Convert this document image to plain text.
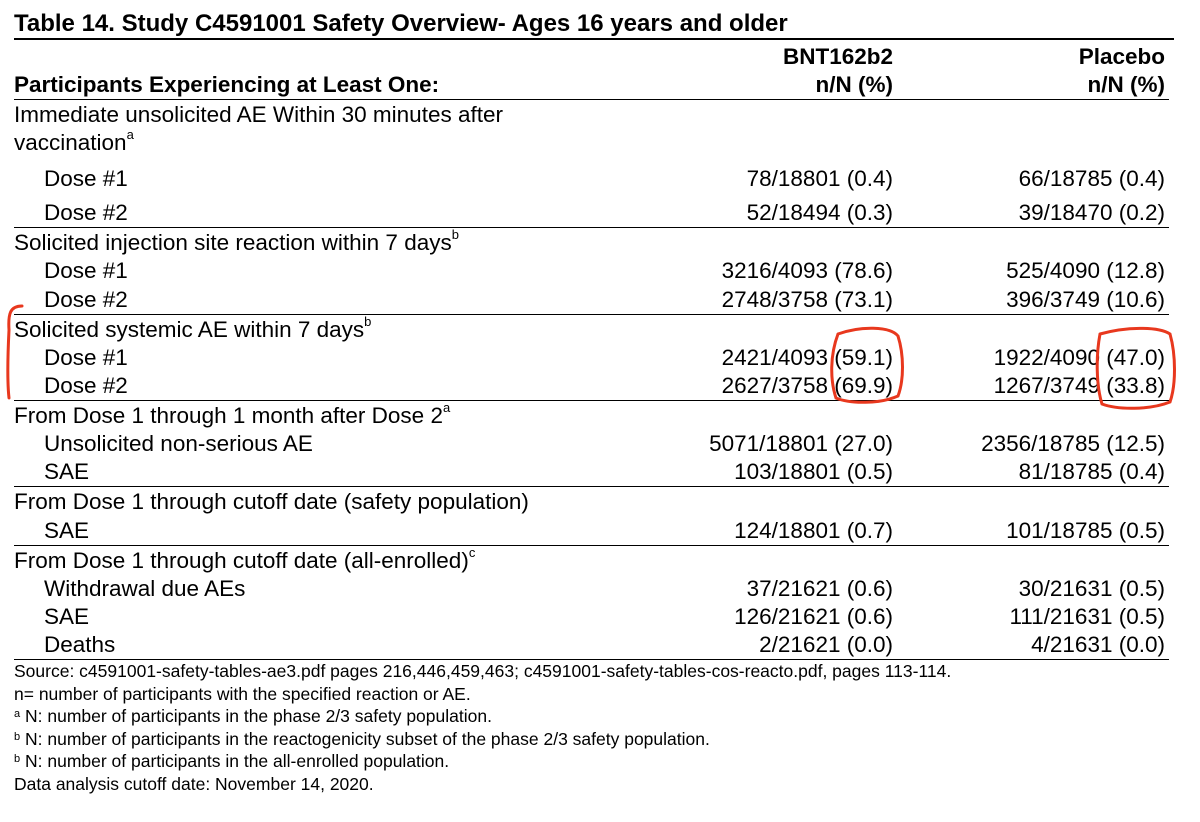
Table 14. Study C4591001 Safety Overview- Ages 16 years and older
BNT162b2	Placebo
Participants Experiencing at Least One:	n/N (%)	n/N (%)
Immediate unsolicited AE Within 30 minutes after
vaccination$^a$
Dose #1	78/18801 (0.4)	66/18785 (0.4)
Dose #2	52/18494 (0.3)	39/18470 (0.2)
Solicited injection site reaction within 7 days$^b$
Dose #1	3216/4093 (78.6)	525/4090 (12.8)
Dose #2	2748/3758 (73.1)	396/3749 (10.6)
Solicited systemic AE within 7 days$^b$
Dose #1	2421/4093 (59.1)	1922/4090 (47.0)
Dose #2	2627/3758 (69.9)	1267/3749 (33.8)
From Dose 1 through 1 month after Dose 2$^a$
Unsolicited non-serious AE	5071/18801 (27.0)	2356/18785 (12.5)
SAE	103/18801 (0.5)	81/18785 (0.4)
From Dose 1 through cutoff date (safety population)
SAE	124/18801 (0.7)	101/18785 (0.5)
From Dose 1 through cutoff date (all-enrolled)$^c$
Withdrawal due AEs	37/21621 (0.6)	30/21631 (0.5)
SAE	126/21621 (0.6)	111/21631 (0.5)
Deaths	2/21621 (0.0)	4/21631 (0.0)
Source: c4591001-safety-tables-ae3.pdf pages 216,446,459,463; c4591001-safety-tables-cos-reacto.pdf, pages 113-114.
n= number of participants with the specified reaction or AE.
$^a$ N: number of participants in the phase 2/3 safety population.
$^b$ N: number of participants in the reactogenicity subset of the phase 2/3 safety population.
$^b$ N: number of participants in the all-enrolled population.
Data analysis cutoff date: November 14, 2020.
